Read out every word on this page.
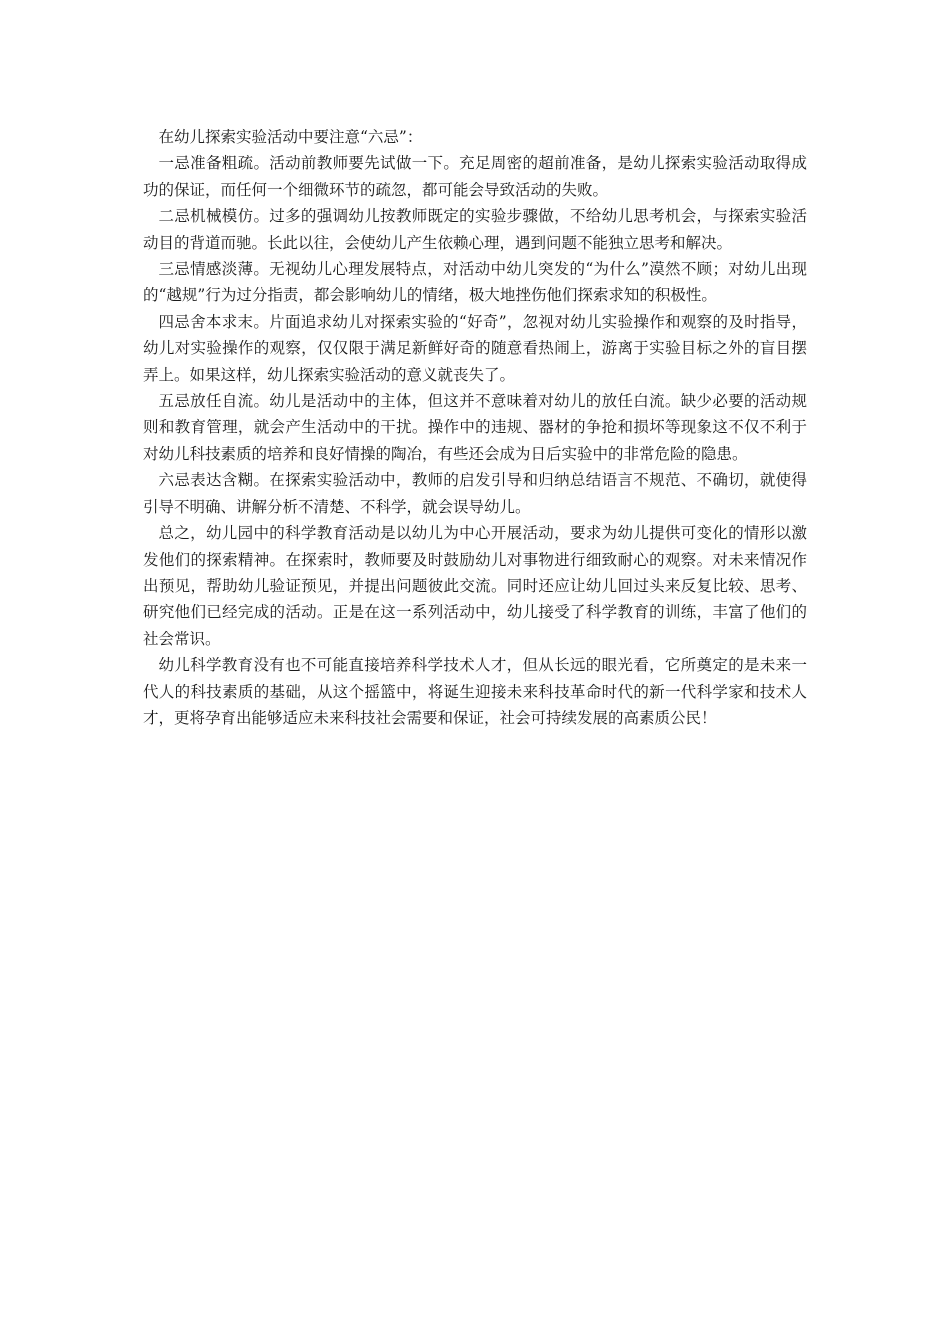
在幼儿探索实验活动中要注意“六忌”：

一忌准备粗疏。活动前教师要先试做一下。充足周密的超前准备，是幼儿探索实验活动取得成功的保证，而任何一个细微环节的疏忽，都可能会导致活动的失败。

二忌机械模仿。过多的强调幼儿按教师既定的实验步骤做，不给幼儿思考机会，与探索实验活动目的背道而驰。长此以往，会使幼儿产生依赖心理，遇到问题不能独立思考和解决。

三忌情感淡薄。无视幼儿心理发展特点，对活动中幼儿突发的“为什么”漠然不顾；对幼儿出现的“越规”行为过分指责，都会影响幼儿的情绪，极大地挫伤他们探索求知的积极性。

四忌舍本求末。片面追求幼儿对探索实验的“好奇”，忽视对幼儿实验操作和观察的及时指导，幼儿对实验操作的观察，仅仅限于满足新鲜好奇的随意看热闹上，游离于实验目标之外的盲目摆弄上。如果这样，幼儿探索实验活动的意义就丧失了。

五忌放任自流。幼儿是活动中的主体，但这并不意味着对幼儿的放任白流。缺少必要的活动规则和教育管理，就会产生活动中的干扰。操作中的违规、器材的争抢和损坏等现象这不仅不利于对幼儿科技素质的培养和良好情操的陶冶，有些还会成为日后实验中的非常危险的隐患。

六忌表达含糊。在探索实验活动中，教师的启发引导和归纳总结语言不规范、不确切，就使得引导不明确、讲解分析不清楚、不科学，就会误导幼儿。

总之，幼儿园中的科学教育活动是以幼儿为中心开展活动，要求为幼儿提供可变化的情形以激发他们的探索精神。在探索时，教师要及时鼓励幼儿对事物进行细致耐心的观察。对未来情况作出预见，帮助幼儿验证预见，并提出问题彼此交流。同时还应让幼儿回过头来反复比较、思考、研究他们已经完成的活动。正是在这一系列活动中，幼儿接受了科学教育的训练，丰富了他们的社会常识。

幼儿科学教育没有也不可能直接培养科学技术人才，但从长远的眼光看，它所奠定的是未来一代人的科技素质的基础，从这个摇篮中，将诞生迎接未来科技革命时代的新一代科学家和技术人才，更将孕育出能够适应未来科技社会需要和保证，社会可持续发展的高素质公民！
